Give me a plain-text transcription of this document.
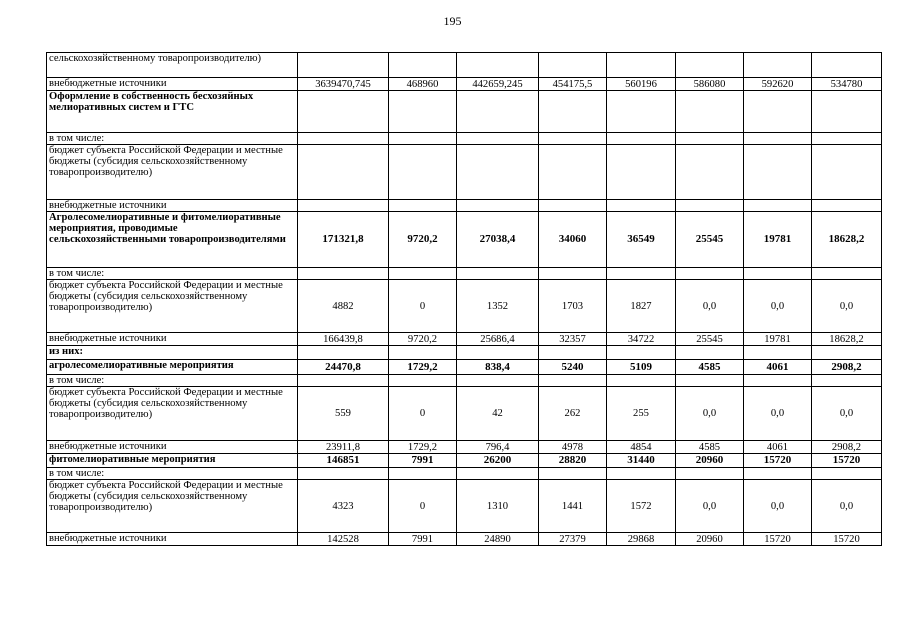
195
сельскохозяйственному товаропроизводителю)								
внебюджетные источники	3639470,745	468960	442659,245	454175,5	560196	586080	592620	534780
Оформление в собственность бесхозяйных мелиоративных систем и ГТС								
в том числе:								
бюджет субъекта Российской Федерации и местные бюджеты (субсидия сельскохозяйственному товаропроизводителю)								
внебюджетные источники								
Агролесомелиоративные и фитомелиоративные мероприятия, проводимые сельскохозяйственными товаропроизводителями	171321,8	9720,2	27038,4	34060	36549	25545	19781	18628,2
в том числе:								
бюджет субъекта Российской Федерации и местные бюджеты (субсидия сельскохозяйственному товаропроизводителю)	4882	0	1352	1703	1827	0,0	0,0	0,0
внебюджетные источники	166439,8	9720,2	25686,4	32357	34722	25545	19781	18628,2
из них:								
агролесомелиоративные мероприятия	24470,8	1729,2	838,4	5240	5109	4585	4061	2908,2
в том числе:								
бюджет субъекта Российской Федерации и местные бюджеты (субсидия сельскохозяйственному товаропроизводителю)	559	0	42	262	255	0,0	0,0	0,0
внебюджетные источники	23911,8	1729,2	796,4	4978	4854	4585	4061	2908,2
фитомелиоративные мероприятия	146851	7991	26200	28820	31440	20960	15720	15720
в том числе:								
бюджет субъекта Российской Федерации и местные бюджеты (субсидия сельскохозяйственному товаропроизводителю)	4323	0	1310	1441	1572	0,0	0,0	0,0
внебюджетные источники	142528	7991	24890	27379	29868	20960	15720	15720
